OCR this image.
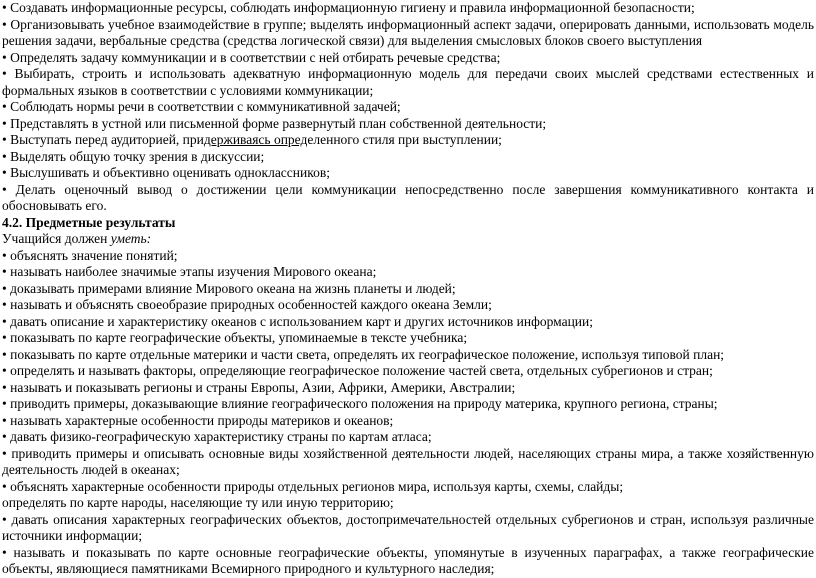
• Создавать информационные ресурсы, соблюдать информационную гигиену и правила информационной безопасности;

• Организовывать учебное взаимодействие в группе; выделять информационный аспект задачи, оперировать данными, использовать модель решения задачи, вербальные средства (средства логической связи) для выделения смысловых блоков своего выступления

• Определять задачу коммуникации и в соответствии с ней отбирать речевые средства;

• Выбирать, строить и использовать адекватную информационную модель для передачи своих мыслей средствами естественных и формальных языков в соответствии с условиями коммуникации;

• Соблюдать нормы речи в соответствии с коммуникативной задачей;

• Представлять в устной или письменной форме развернутый план собственной деятельности;

• Выступать перед аудиторией, придерживаясь определенного стиля при выступлении;

• Выделять общую точку зрения в дискуссии;

• Выслушивать и объективно оценивать одноклассников;

• Делать оценочный вывод о достижении цели коммуникации непосредственно после завершения коммуникативного контакта и обосновывать его.

4.2. Предметные результаты

Учащийся должен уметь:

• объяснять значение понятий;

• называть наиболее значимые этапы изучения Мирового океана;

• доказывать примерами влияние Мирового океана на жизнь планеты и людей;

• называть и объяснять своеобразие природных особенностей каждого океана Земли;

• давать описание и характеристику океанов с использованием карт и других источников информации;

• показывать по карте географические объекты, упоминаемые в тексте учебника;

• показывать по карте отдельные материки и части света, определять их географическое положение, используя типовой план;

• определять и называть факторы, определяющие географическое положение частей света, отдельных субрегионов и стран;

• называть и показывать регионы и страны Европы, Азии, Африки, Америки, Австралии;

• приводить примеры, доказывающие влияние географического положения на природу материка, крупного региона, страны;

• называть характерные особенности природы материков и океанов;

• давать физико-географическую характеристику страны по картам атласа;

• приводить примеры и описывать основные виды хозяйственной деятельности людей, населяющих страны мира, а также хозяйственную деятельность людей в океанах;

• объяснять характерные особенности природы отдельных регионов мира, используя карты, схемы, слайды;

определять по карте народы, населяющие ту или иную территорию;

• давать описания характерных географических объектов, достопримечательностей отдельных субрегионов и стран, используя различные источники информации;

• называть и показывать по карте основные географические объекты, упомянутые в изученных параграфах, а также географические объекты, являющиеся памятниками Всемирного природного и культурного наследия;
